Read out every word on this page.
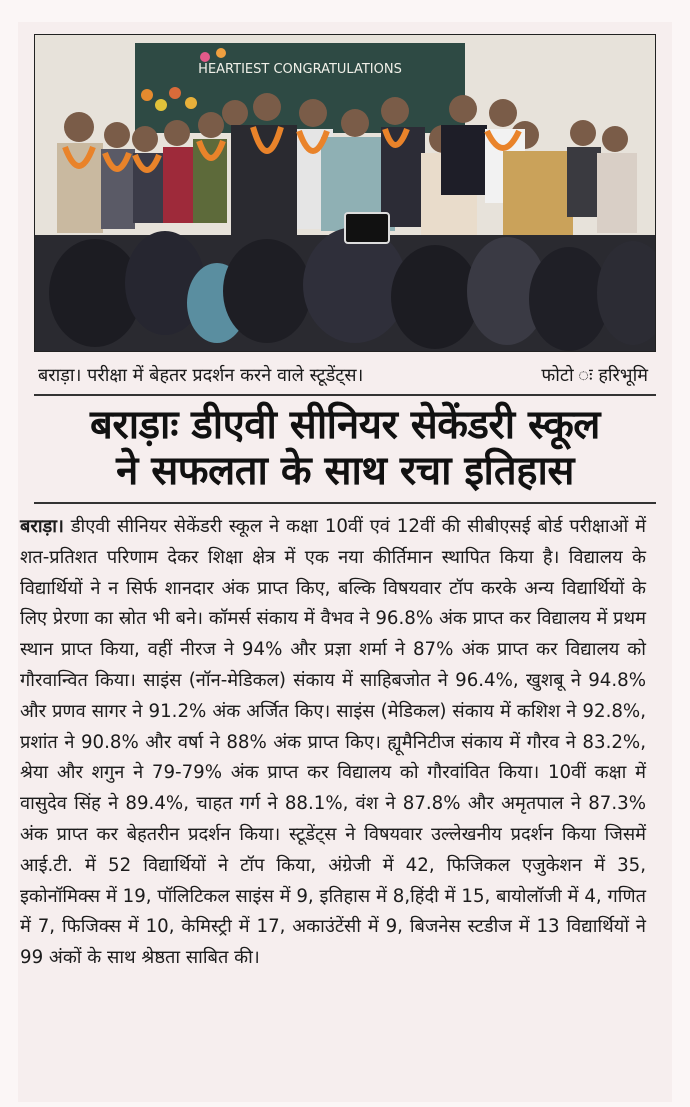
HEARTIEST CONGRATULATIONS
बराड़ा। परीक्षा में बेहतर प्रदर्शन करने वाले स्टूडेंट्स।	फोटो ः हरिभूमि
बराड़ाः डीएवी सीनियर सेकेंडरी स्कूल
ने सफलता के साथ रचा इतिहास
बराड़ा। डीएवी सीनियर सेकेंडरी स्कूल ने कक्षा 10वीं एवं 12वीं की सीबीएसई बोर्ड परीक्षाओं में शत-प्रतिशत परिणाम देकर शिक्षा क्षेत्र में एक नया कीर्तिमान स्थापित किया है। विद्यालय के विद्यार्थियों ने न सिर्फ शानदार अंक प्राप्त किए, बल्कि विषयवार टॉप करके अन्य विद्यार्थियों के लिए प्रेरणा का स्रोत भी बने। कॉमर्स संकाय में वैभव ने 96.8% अंक प्राप्त कर विद्यालय में प्रथम स्थान प्राप्त किया, वहीं नीरज ने 94% और प्रज्ञा शर्मा ने 87% अंक प्राप्त कर विद्यालय को गौरवान्वित किया। साइंस (नॉन-मेडिकल) संकाय में साहिबजोत ने 96.4%, खुशबू ने 94.8% और प्रणव सागर ने 91.2% अंक अर्जित किए। साइंस (मेडिकल) संकाय में कशिश ने 92.8%, प्रशांत ने 90.8% और वर्षा ने 88% अंक प्राप्त किए। ह्यूमैनिटीज संकाय में गौरव ने 83.2%, श्रेया और शगुन ने 79-79% अंक प्राप्त कर विद्यालय को गौरवांवित किया। 10वीं कक्षा में वासुदेव सिंह ने 89.4%, चाहत गर्ग ने 88.1%, वंश ने 87.8% और अमृतपाल ने 87.3% अंक प्राप्त कर बेहतरीन प्रदर्शन किया। स्टूडेंट्स ने विषयवार उल्लेखनीय प्रदर्शन किया जिसमें आई.टी. में 52 विद्यार्थियों ने टॉप किया, अंग्रेजी में 42, फिजिकल एजुकेशन में 35, इकोनॉमिक्स में 19, पॉलिटिकल साइंस में 9, इतिहास में 8,हिंदी में 15, बायोलॉजी में 4, गणित में 7, फिजिक्स में 10, केमिस्ट्री में 17, अकाउंटेंसी में 9, बिजनेस स्टडीज में 13 विद्यार्थियों ने 99 अंकों के साथ श्रेष्ठता साबित की।
